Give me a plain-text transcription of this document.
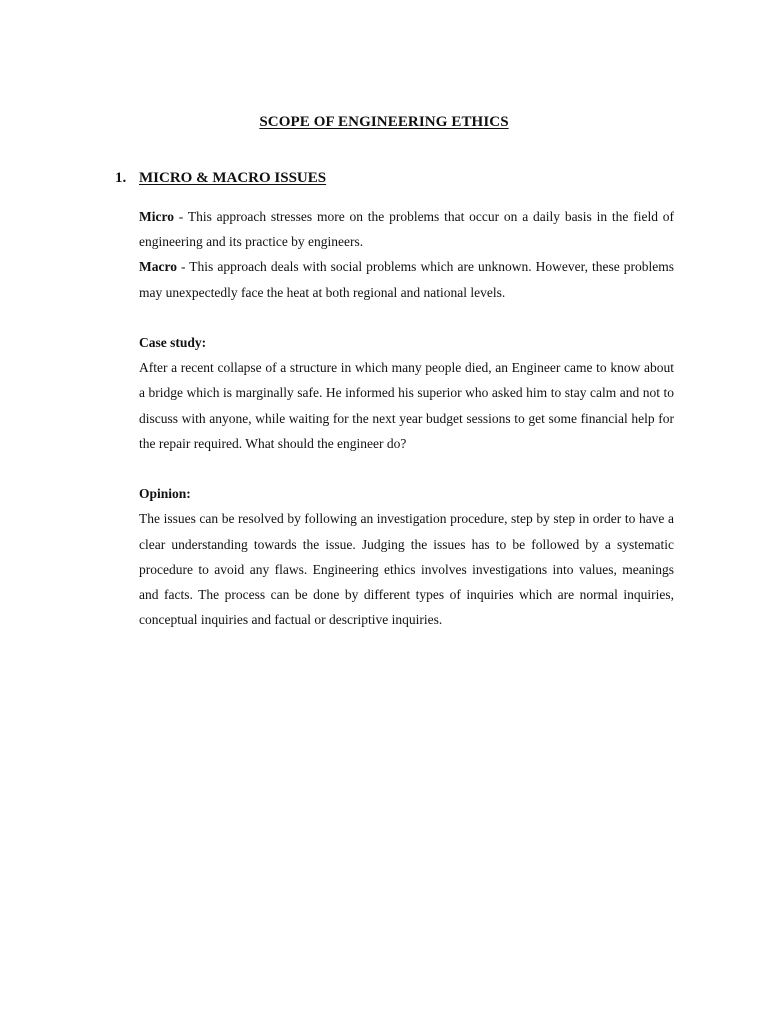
SCOPE OF ENGINEERING ETHICS
1. MICRO & MACRO ISSUES

Micro - This approach stresses more on the problems that occur on a daily basis in the field of engineering and its practice by engineers.

Macro - This approach deals with social problems which are unknown. However, these problems may unexpectedly face the heat at both regional and national levels.

Case study:

After a recent collapse of a structure in which many people died, an Engineer came to know about a bridge which is marginally safe. He informed his superior who asked him to stay calm and not to discuss with anyone, while waiting for the next year budget sessions to get some financial help for the repair required. What should the engineer do?

Opinion:

The issues can be resolved by following an investigation procedure, step by step in order to have a clear understanding towards the issue. Judging the issues has to be followed by a systematic procedure to avoid any flaws. Engineering ethics involves investigations into values, meanings and facts. The process can be done by different types of inquiries which are normal inquiries, conceptual inquiries and factual or descriptive inquiries.
